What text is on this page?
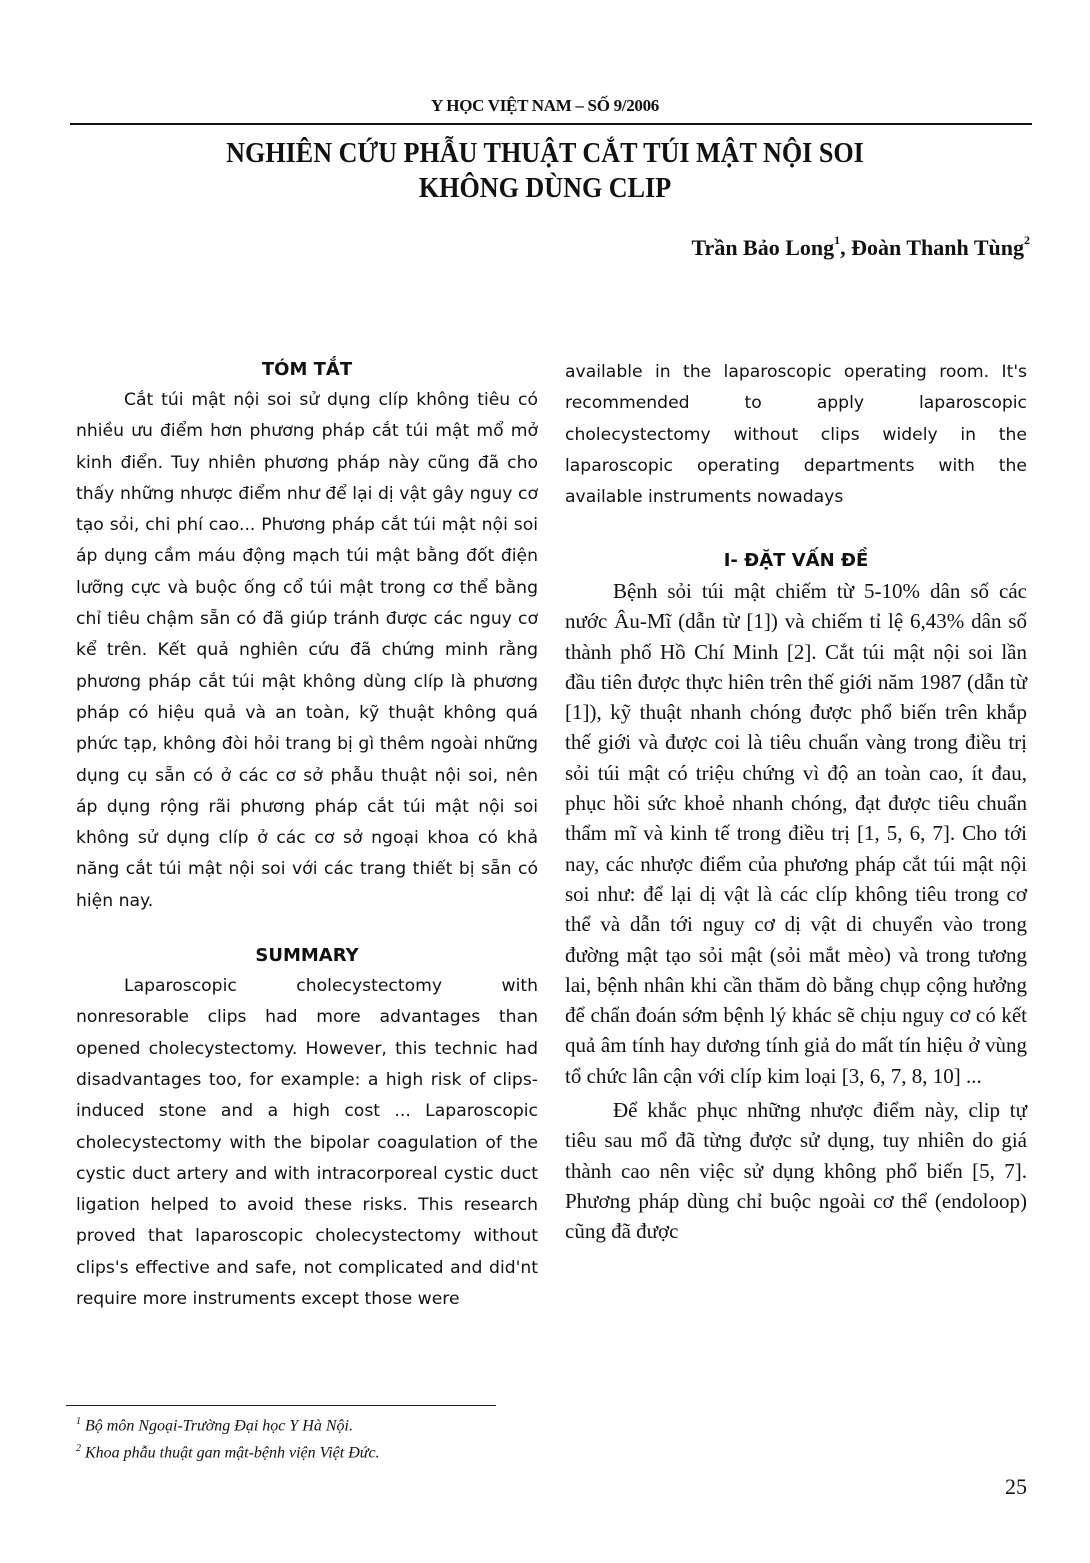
Y HỌC VIỆT NAM – SỐ 9/2006
NGHIÊN CỨU PHẪU THUẬT CẮT TÚI MẬT NỘI SOI
KHÔNG DÙNG CLIP
Trần Bảo Long$^1$, Đoàn Thanh Tùng$^2$
TÓM TẮT

Cắt túi mật nội soi sử dụng clíp không tiêu có nhiều ưu điểm hơn phương pháp cắt túi mật mổ mở kinh điển. Tuy nhiên phương pháp này cũng đã cho thấy những nhược điểm như để lại dị vật gây nguy cơ tạo sỏi, chi phí cao... Phương pháp cắt túi mật nội soi áp dụng cầm máu động mạch túi mật bằng đốt điện lưỡng cực và buộc ống cổ túi mật trong cơ thể bằng chỉ tiêu chậm sẵn có đã giúp tránh được các nguy cơ kể trên. Kết quả nghiên cứu đã chứng minh rằng phương pháp cắt túi mật không dùng clíp là phương pháp có hiệu quả và an toàn, kỹ thuật không quá phức tạp, không đòi hỏi trang bị gì thêm ngoài những dụng cụ sẵn có ở các cơ sở phẫu thuật nội soi, nên áp dụng rộng rãi phương pháp cắt túi mật nội soi không sử dụng clíp ở các cơ sở ngoại khoa có khả năng cắt túi mật nội soi với các trang thiết bị sẵn có hiện nay.

SUMMARY

Laparoscopic cholecystectomy with nonresorable clips had more advantages than opened cholecystectomy. However, this technic had disadvantages too, for example: a high risk of clips- induced stone and a high cost ... Laparoscopic cholecystectomy with the bipolar coagulation of the cystic duct artery and with intracorporeal cystic duct ligation helped to avoid these risks. This research proved that laparoscopic cholecystectomy without clips's effective and safe, not complicated and did'nt require more instruments except those were

available in the laparoscopic operating room. It's recommended to apply laparoscopic cholecystectomy without clips widely in the laparoscopic operating departments with the available instruments nowadays

I- ĐẶT VẤN ĐỀ

Bệnh sỏi túi mật chiếm từ 5-10% dân số các nước Âu-Mĩ (dẫn từ [1]) và chiếm tỉ lệ 6,43% dân số thành phố Hồ Chí Minh [2]. Cắt túi mật nội soi lần đầu tiên được thực hiên trên thế giới năm 1987 (dẫn từ [1]), kỹ thuật nhanh chóng được phổ biến trên khắp thế giới và được coi là tiêu chuẩn vàng trong điều trị sỏi túi mật có triệu chứng vì độ an toàn cao, ít đau, phục hồi sức khoẻ nhanh chóng, đạt được tiêu chuẩn thẩm mĩ và kinh tế trong điều trị [1, 5, 6, 7]. Cho tới nay, các nhược điểm của phương pháp cắt túi mật nội soi như: để lại dị vật là các clíp không tiêu trong cơ thể và dẫn tới nguy cơ dị vật di chuyển vào trong đường mật tạo sỏi mật (sỏi mắt mèo) và trong tương lai, bệnh nhân khi cần thăm dò bằng chụp cộng hưởng để chẩn đoán sớm bệnh lý khác sẽ chịu nguy cơ có kết quả âm tính hay dương tính giả do mất tín hiệu ở vùng tổ chức lân cận với clíp kim loại [3, 6, 7, 8, 10] ...

Để khắc phục những nhược điểm này, clip tự tiêu sau mổ đã từng được sử dụng, tuy nhiên do giá thành cao nên việc sử dụng không phổ biến [5, 7]. Phương pháp dùng chỉ buộc ngoài cơ thể (endoloop) cũng đã được

$^1$ Bộ môn Ngoại-Trường Đại học Y Hà Nội.
$^2$ Khoa phẫu thuật gan mật-bệnh viện Việt Đức.
25
